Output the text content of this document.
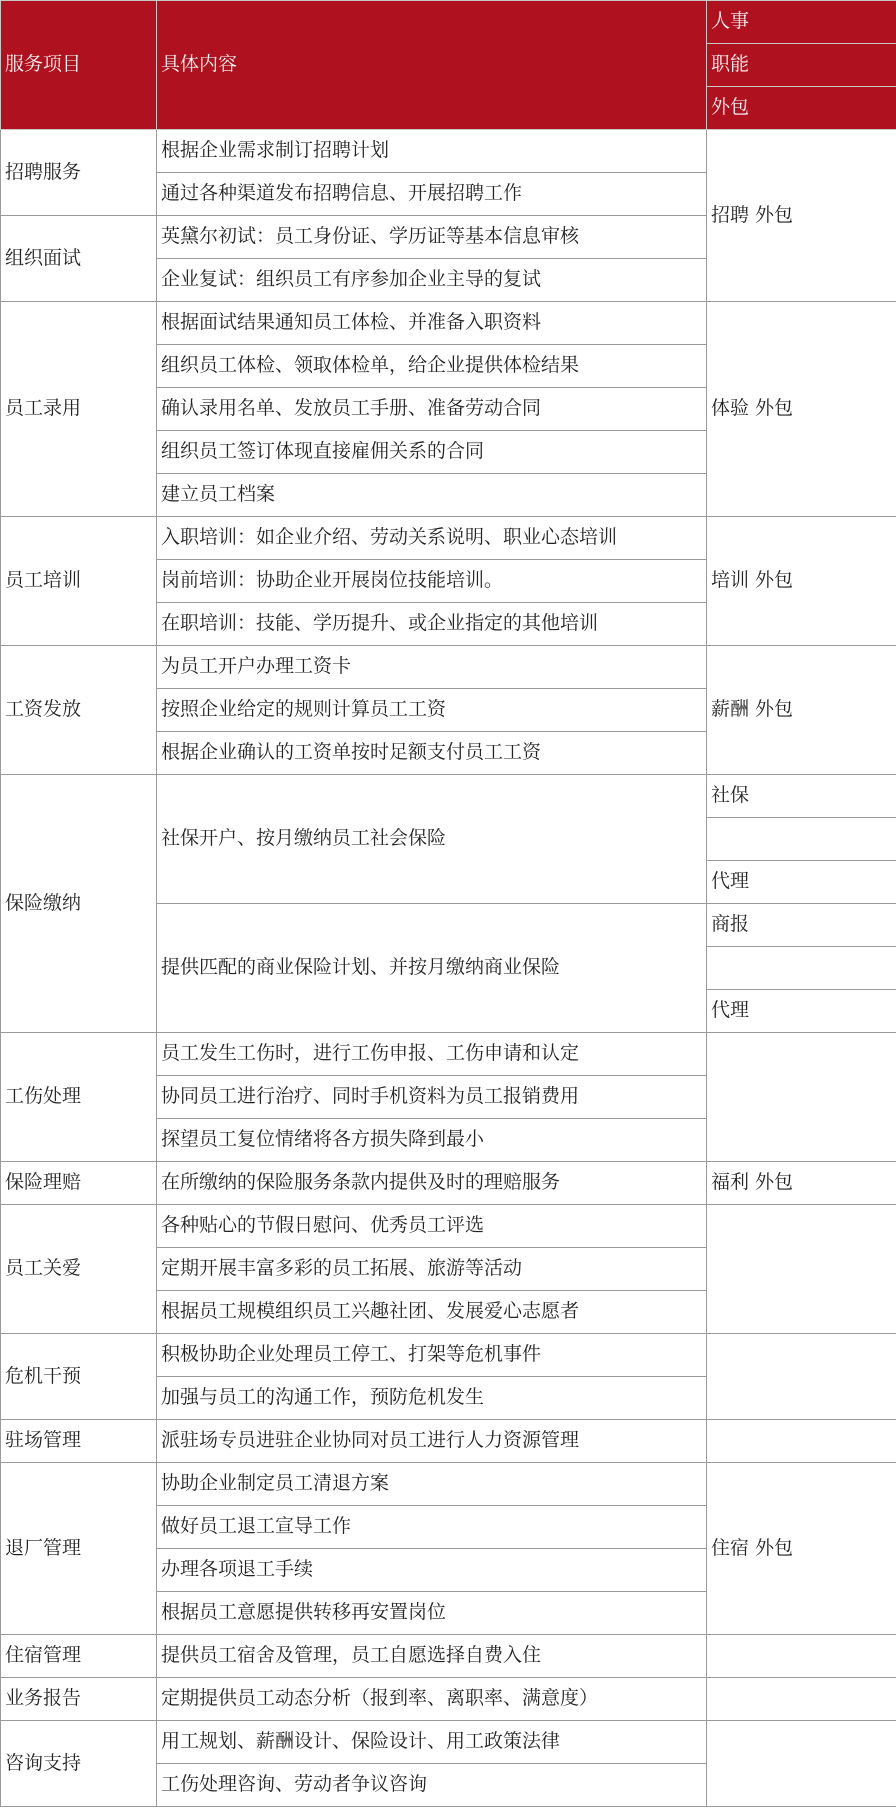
服务项目	具体内容	人事
		职能
		外包
招聘服务	根据企业需求制订招聘计划	招聘 外包
	通过各种渠道发布招聘信息、开展招聘工作	
组织面试	英黛尔初试：员工身份证、学历证等基本信息审核	
	企业复试：组织员工有序参加企业主导的复试	
员工录用	根据面试结果通知员工体检、并准备入职资料	体验 外包
	组织员工体检、领取体检单，给企业提供体检结果	
	确认录用名单、发放员工手册、准备劳动合同	
	组织员工签订体现直接雇佣关系的合同	
	建立员工档案	
员工培训	入职培训：如企业介绍、劳动关系说明、职业心态培训	培训 外包
	岗前培训：协助企业开展岗位技能培训。	
	在职培训：技能、学历提升、或企业指定的其他培训	
工资发放	为员工开户办理工资卡	薪酬 外包
	按照企业给定的规则计算员工工资	
	根据企业确认的工资单按时足额支付员工工资	
保险缴纳	社保开户、按月缴纳员工社会保险	社保

		代理
	提供匹配的商业保险计划、并按月缴纳商业保险	商报

		代理
工伤处理	员工发生工伤时，进行工伤申报、工伤申请和认定	
	协同员工进行治疗、同时手机资料为员工报销费用	
	探望员工复位情绪将各方损失降到最小	
保险理赔	在所缴纳的保险服务条款内提供及时的理赔服务	福利 外包
员工关爱	各种贴心的节假日慰问、优秀员工评选	
	定期开展丰富多彩的员工拓展、旅游等活动	
	根据员工规模组织员工兴趣社团、发展爱心志愿者	
危机干预	积极协助企业处理员工停工、打架等危机事件	
	加强与员工的沟通工作，预防危机发生	
驻场管理	派驻场专员进驻企业协同对员工进行人力资源管理	
退厂管理	协助企业制定员工清退方案	住宿 外包
	做好员工退工宣导工作	
	办理各项退工手续	
	根据员工意愿提供转移再安置岗位	
住宿管理	提供员工宿舍及管理，员工自愿选择自费入住	
业务报告	定期提供员工动态分析（报到率、离职率、满意度）	
咨询支持	用工规划、薪酬设计、保险设计、用工政策法律	
	工伤处理咨询、劳动者争议咨询	
